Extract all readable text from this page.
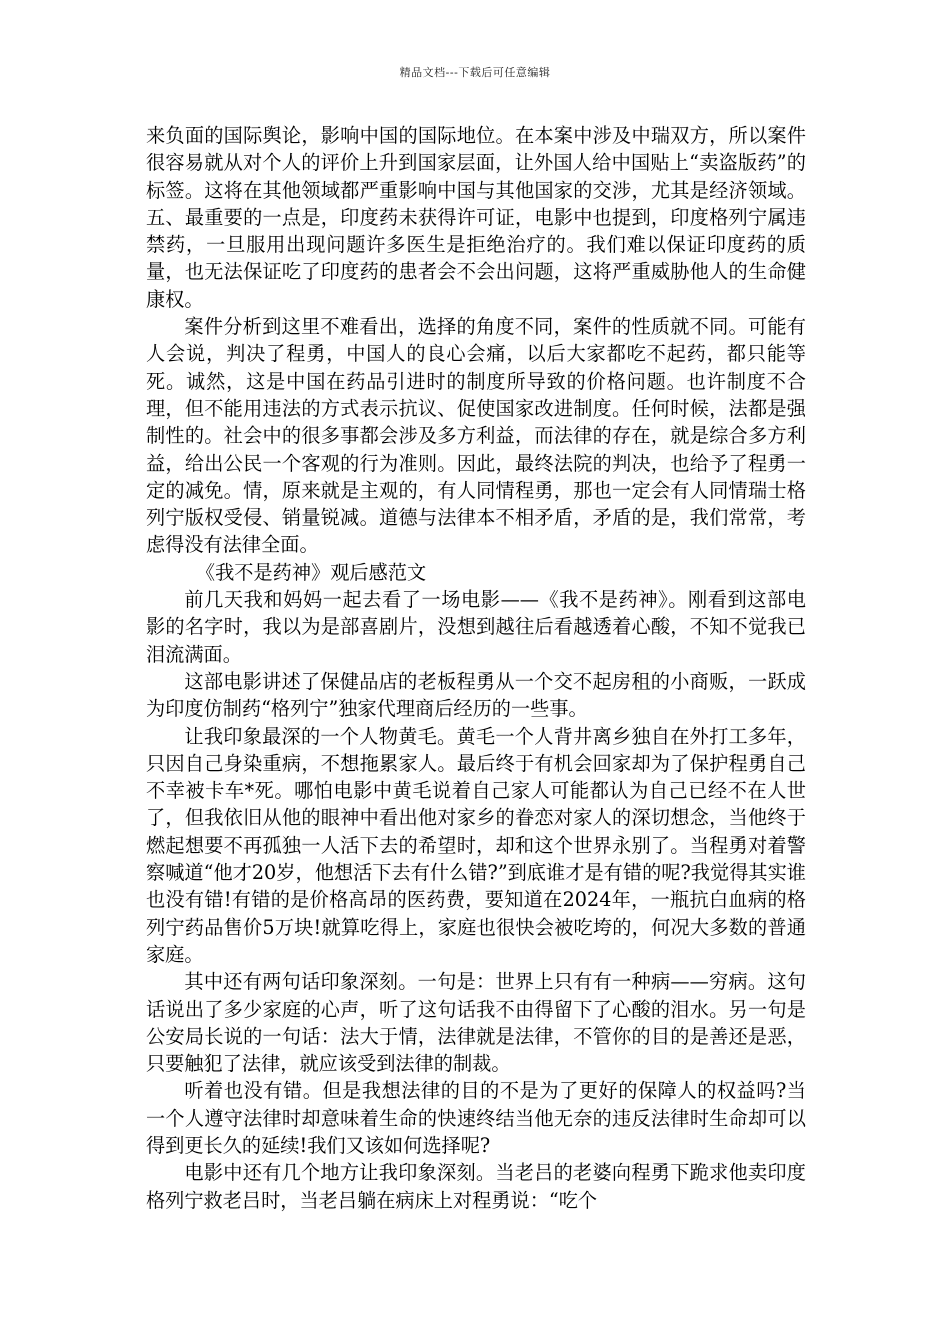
精品文档---下载后可任意编辑

来负面的国际舆论，影响中国的国际地位。在本案中涉及中瑞双方，所以案件很容易就从对个人的评价上升到国家层面，让外国人给中国贴上“卖盗版药”的标签。这将在其他领域都严重影响中国与其他国家的交涉，尤其是经济领域。五、最重要的一点是，印度药未获得许可证，电影中也提到，印度格列宁属违禁药，一旦服用出现问题许多医生是拒绝治疗的。我们难以保证印度药的质量，也无法保证吃了印度药的患者会不会出问题，这将严重威胁他人的生命健康权。

案件分析到这里不难看出，选择的角度不同，案件的性质就不同。可能有人会说，判决了程勇，中国人的良心会痛，以后大家都吃不起药，都只能等死。诚然，这是中国在药品引进时的制度所导致的价格问题。也许制度不合理，但不能用违法的方式表示抗议、促使国家改进制度。任何时候，法都是强制性的。社会中的很多事都会涉及多方利益，而法律的存在，就是综合多方利益，给出公民一个客观的行为准则。因此，最终法院的判决，也给予了程勇一定的减免。情，原来就是主观的，有人同情程勇，那也一定会有人同情瑞士格列宁版权受侵、销量锐减。道德与法律本不相矛盾，矛盾的是，我们常常，考虑得没有法律全面。

《我不是药神》观后感范文

前几天我和妈妈一起去看了一场电影——《我不是药神》。刚看到这部电影的名字时，我以为是部喜剧片，没想到越往后看越透着心酸，不知不觉我已泪流满面。

这部电影讲述了保健品店的老板程勇从一个交不起房租的小商贩，一跃成为印度仿制药“格列宁”独家代理商后经历的一些事。

让我印象最深的一个人物黄毛。黄毛一个人背井离乡独自在外打工多年，只因自己身染重病，不想拖累家人。最后终于有机会回家却为了保护程勇自己不幸被卡车*死。哪怕电影中黄毛说着自己家人可能都认为自己已经不在人世了，但我依旧从他的眼神中看出他对家乡的眷恋对家人的深切想念，当他终于燃起想要不再孤独一人活下去的希望时，却和这个世界永别了。当程勇对着警察喊道“他才20岁，他想活下去有什么错?”到底谁才是有错的呢?我觉得其实谁也没有错!有错的是价格高昂的医药费，要知道在2024年，一瓶抗白血病的格列宁药品售价5万块!就算吃得上，家庭也很快会被吃垮的，何况大多数的普通家庭。

其中还有两句话印象深刻。一句是：世界上只有有一种病——穷病。这句话说出了多少家庭的心声，听了这句话我不由得留下了心酸的泪水。另一句是公安局长说的一句话：法大于情，法律就是法律，不管你的目的是善还是恶，只要触犯了法律，就应该受到法律的制裁。

听着也没有错。但是我想法律的目的不是为了更好的保障人的权益吗?当一个人遵守法律时却意味着生命的快速终结当他无奈的违反法律时生命却可以得到更长久的延续!我们又该如何选择呢?

电影中还有几个地方让我印象深刻。当老吕的老婆向程勇下跪求他卖印度格列宁救老吕时，当老吕躺在病床上对程勇说：“吃个
